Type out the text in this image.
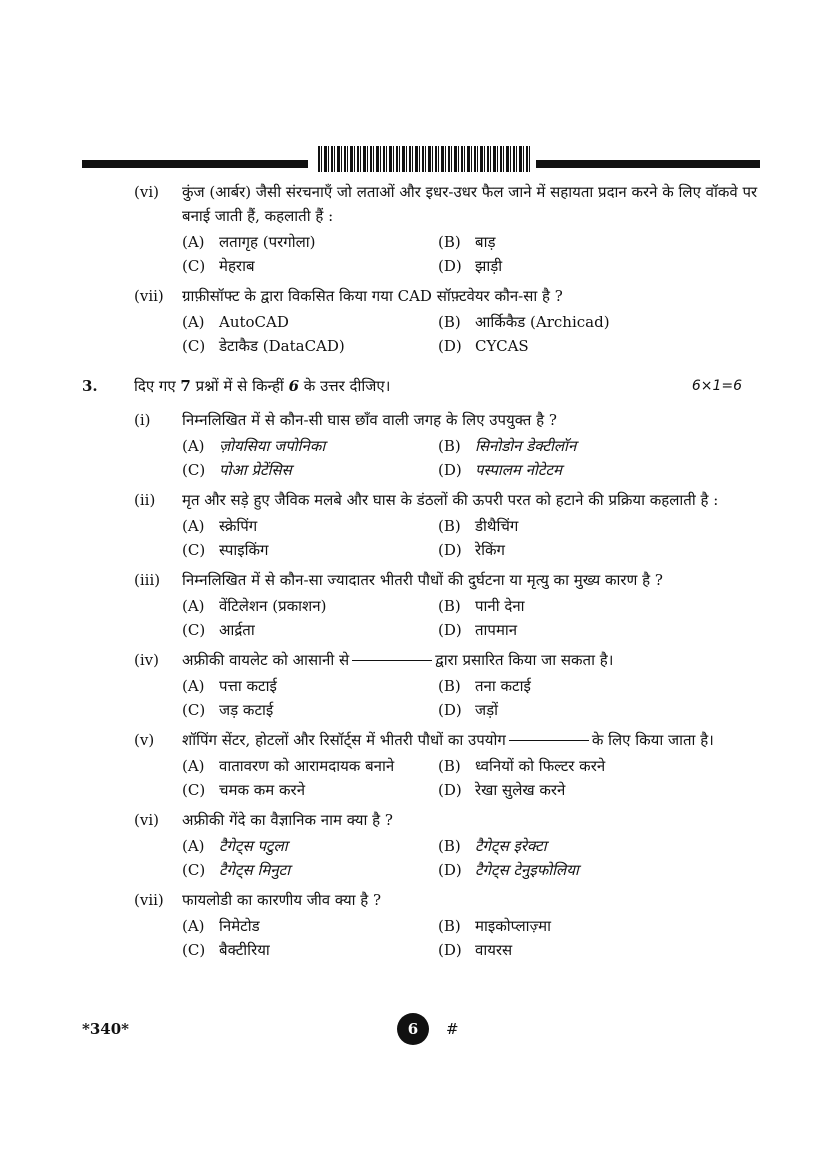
(vi) कुंज (आर्बर) जैसी संरचनाएँ जो लताओं और इधर-उधर फैल जाने में सहायता प्रदान करने के लिए वॉकवे पर बनाई जाती हैं, कहलाती हैं :
(A) लतागृह (परगोला)	(B) बाड़
(C) मेहराब	(D) झाड़ी
(vii) ग्राफ़ीसॉफ्ट के द्वारा विकसित किया गया CAD सॉफ़्टवेयर कौन-सा है ?
(A) AutoCAD	(B) आर्किकैड (Archicad)
(C) डेटाकैड (DataCAD)	(D) CYCAS
3. दिए गए 7 प्रश्नों में से किन्हीं 6 के उत्तर दीजिए।	6×1=6
(i) निम्नलिखित में से कौन-सी घास छाँव वाली जगह के लिए उपयुक्त है ?
(A) ज़ोयसिया जपोनिका	(B) सिनोडोन डेक्टीलॉन
(C) पोआ प्रेटेंसिस	(D) पस्पालम नोटेटम
(ii) मृत और सड़े हुए जैविक मलबे और घास के डंठलों की ऊपरी परत को हटाने की प्रक्रिया कहलाती है :
(A) स्क्रेपिंग	(B) डीथैचिंग
(C) स्पाइकिंग	(D) रेकिंग
(iii) निम्नलिखित में से कौन-सा ज्यादातर भीतरी पौधों की दुर्घटना या मृत्यु का मुख्य कारण है ?
(A) वेंटिलेशन (प्रकाशन)	(B) पानी देना
(C) आर्द्रता	(D) तापमान
(iv) अफ्रीकी वायलेट को आसानी से	द्वारा प्रसारित किया जा सकता है।
(A) पत्ता कटाई	(B) तना कटाई
(C) जड़ कटाई	(D) जड़ों
(v) शॉपिंग सेंटर, होटलों और रिसॉर्ट्स में भीतरी पौधों का उपयोग	के लिए किया जाता है।
(A) वातावरण को आरामदायक बनाने	(B) ध्वनियों को फिल्टर करने
(C) चमक कम करने	(D) रेखा सुलेख करने
(vi) अफ्रीकी गेंदे का वैज्ञानिक नाम क्या है ?
(A) टैगेट्स पटुला	(B) टैगेट्स इरेक्टा
(C) टैगेट्स मिनुटा	(D) टैगेट्स टेनुइफोलिया
(vii) फायलोडी का कारणीय जीव क्या है ?
(A) निमेटोड	(B) माइकोप्लाज़्मा
(C) बैक्टीरिया	(D) वायरस
*340*	6	#
